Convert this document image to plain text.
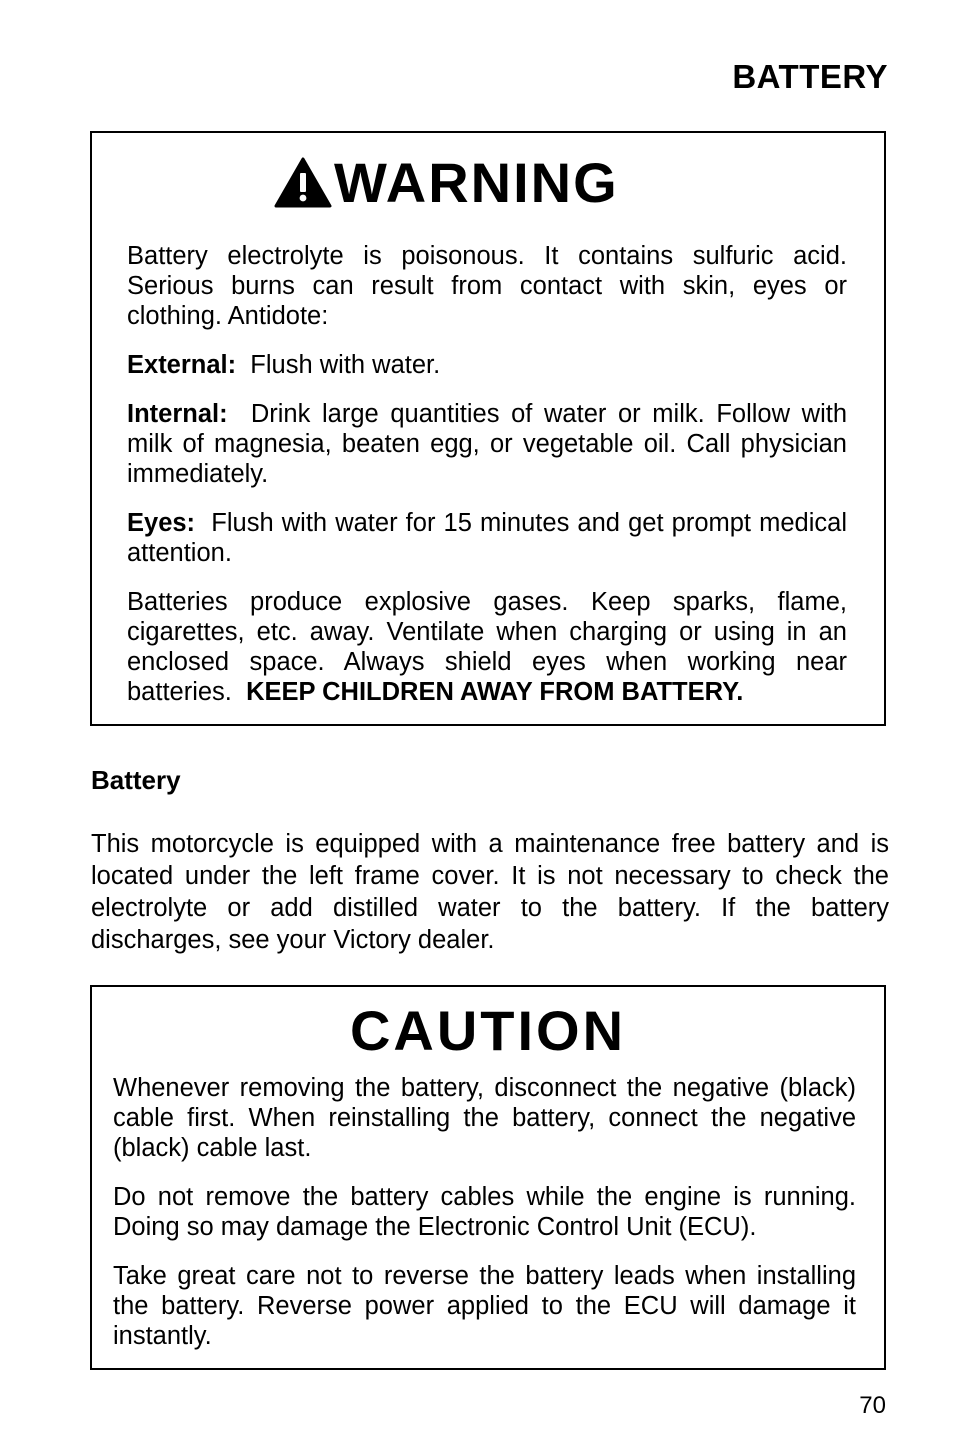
BATTERY
WARNING

Battery electrolyte is poisonous. It contains sulfuric acid. Serious burns can result from contact with skin, eyes or clothing. Antidote:

External: Flush with water.

Internal: Drink large quantities of water or milk. Follow with milk of magnesia, beaten egg, or vegetable oil. Call physician immediately.

Eyes: Flush with water for 15 minutes and get prompt medical attention.

Batteries produce explosive gases. Keep sparks, flame, cigarettes, etc. away. Ventilate when charging or using in an enclosed space. Always shield eyes when working near batteries. KEEP CHILDREN AWAY FROM BATTERY.

Battery

This motorcycle is equipped with a maintenance free battery and is located under the left frame cover. It is not necessary to check the electrolyte or add distilled water to the battery. If the battery discharges, see your Victory dealer.

CAUTION

Whenever removing the battery, disconnect the negative (black) cable first. When reinstalling the battery, connect the negative (black) cable last.

Do not remove the battery cables while the engine is running. Doing so may damage the Electronic Control Unit (ECU).

Take great care not to reverse the battery leads when installing the battery. Reverse power applied to the ECU will damage it instantly.

70
